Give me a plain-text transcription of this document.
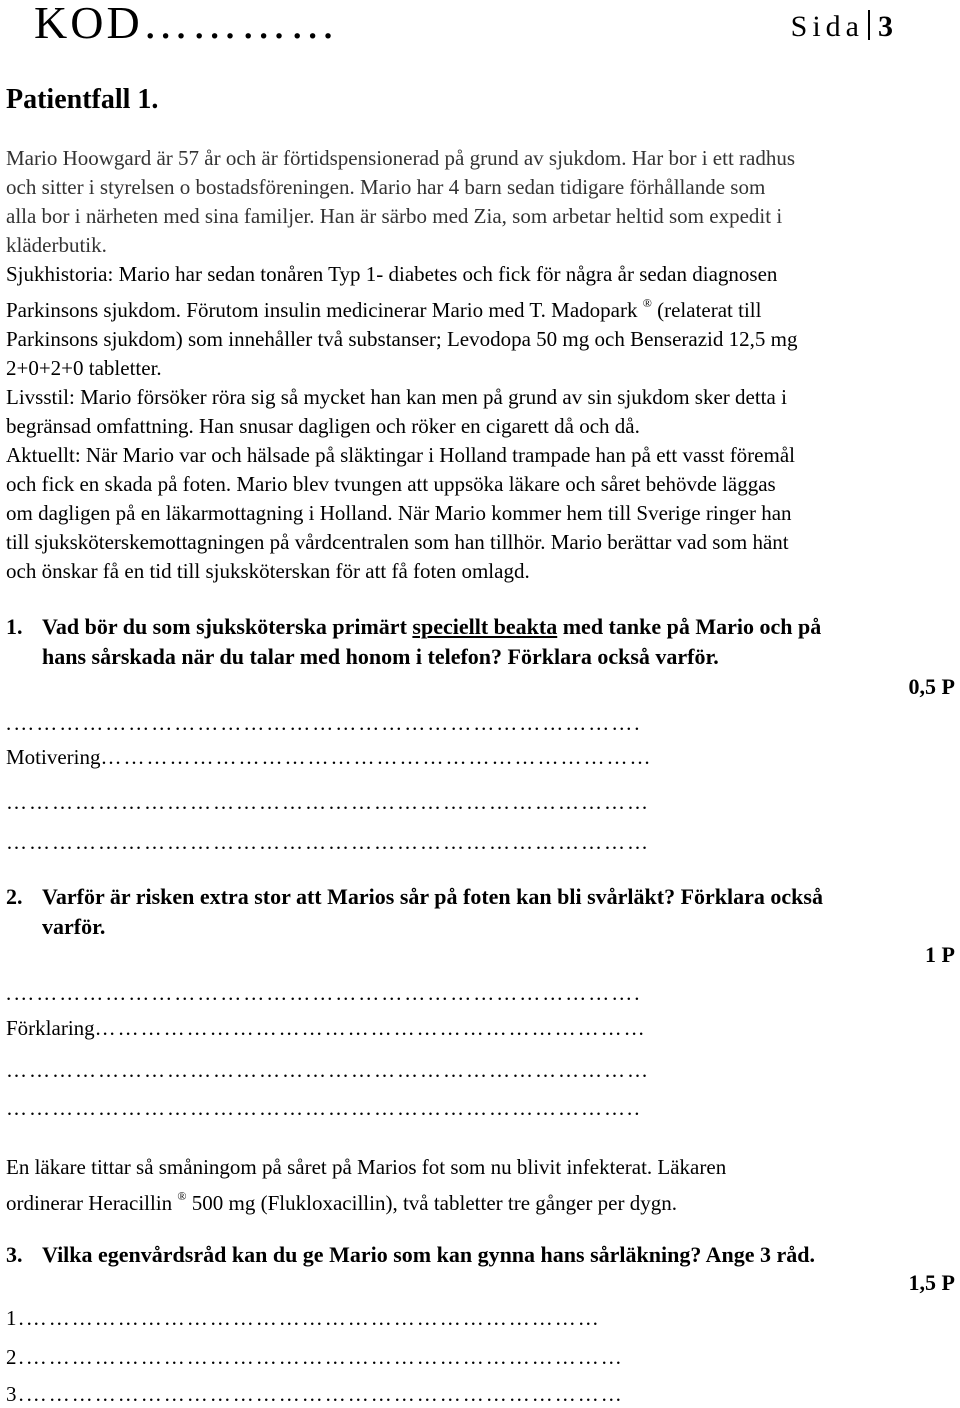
KOD…………	Sida 3
Patientfall 1.

Mario Hoowgard är 57 år och är förtidspensionerad på grund av sjukdom. Har bor i ett radhus

och sitter i styrelsen o bostadsföreningen. Mario har 4 barn sedan tidigare förhållande som

alla bor i närheten med sina familjer. Han är särbo med Zia, som arbetar heltid som expedit i

kläderbutik.

Sjukhistoria: Mario har sedan tonåren Typ 1- diabetes och fick för några år sedan diagnosen

Parkinsons sjukdom. Förutom insulin medicinerar Mario med T. Madopark ® (relaterat till

Parkinsons sjukdom) som innehåller två substanser; Levodopa 50 mg och Benserazid 12,5 mg

2+0+2+0 tabletter.

Livsstil: Mario försöker röra sig så mycket han kan men på grund av sin sjukdom sker detta i

begränsad omfattning. Han snusar dagligen och röker en cigarett då och då.

Aktuellt: När Mario var och hälsade på släktingar i Holland trampade han på ett vasst föremål

och fick en skada på foten. Mario blev tvungen att uppsöka läkare och såret behövde läggas

om dagligen på en läkarmottagning i Holland. När Mario kommer hem till Sverige ringer han

till sjuksköterskemottagningen på vårdcentralen som han tillhör. Mario berättar vad som hänt

och önskar få en tid till sjuksköterskan för att få foten omlagd.

1. Vad bör du som sjuksköterska primärt speciellt beakta med tanke på Mario och på
hans sårskada när du talar med honom i telefon? Förklara också varför.
0,5 P
.……………………………………………………………………….
Motivering………………………………………………………………
…………………………………………………………………………
…………………………………………………………………………
2. Varför är risken extra stor att Marios sår på foten kan bli svårläkt? Förklara också
varför.
1 P
.……………………………………………………………………….
Förklaring………………………………………………………………
…………………………………………………………………………
………………………………………………………………………..

En läkare tittar så småningom på såret på Marios fot som nu blivit infekterat. Läkaren

ordinerar Heracillin ® 500 mg (Flukloxacillin), två tabletter tre gånger per dygn.

3. Vilka egenvårdsråd kan du ge Mario som kan gynna hans sårläkning? Ange 3 råd.
1,5 P
1.…………………………………………………………………
2.……………………………………………………………………
3.……………………………………………………………………
